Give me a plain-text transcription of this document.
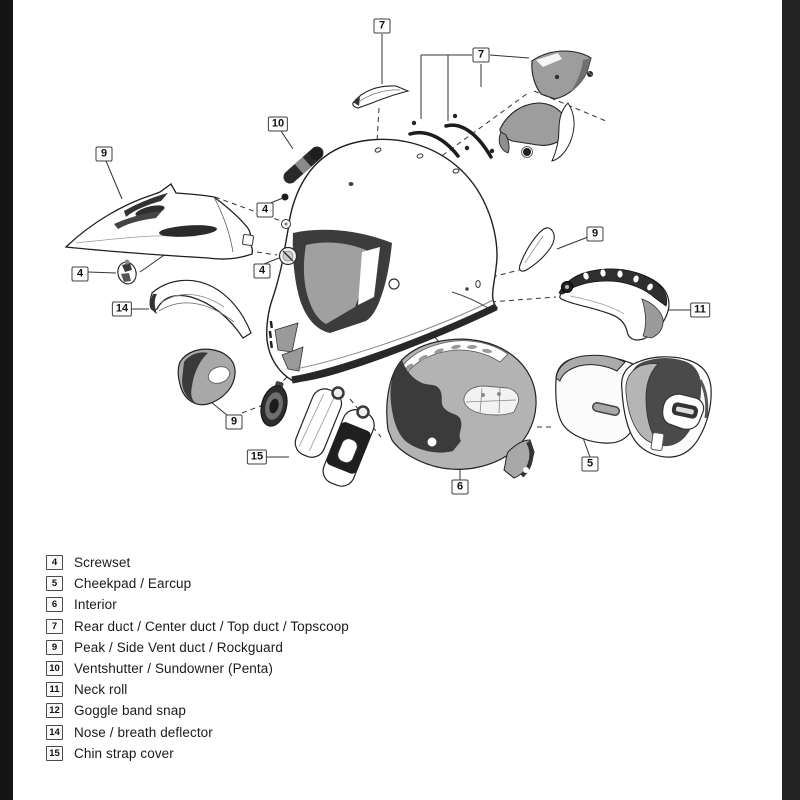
7
7
10
9
4
4
4
14
9
11
9
15
6
5
4	Screwset
5	Cheekpad / Earcup
6	Interior
7	Rear duct / Center duct / Top duct / Topscoop
9	Peak / Side Vent duct / Rockguard
10 Ventshutter / Sundowner (Penta)
11 Neck roll
12 Goggle band snap
14 Nose / breath deflector
15 Chin strap cover
